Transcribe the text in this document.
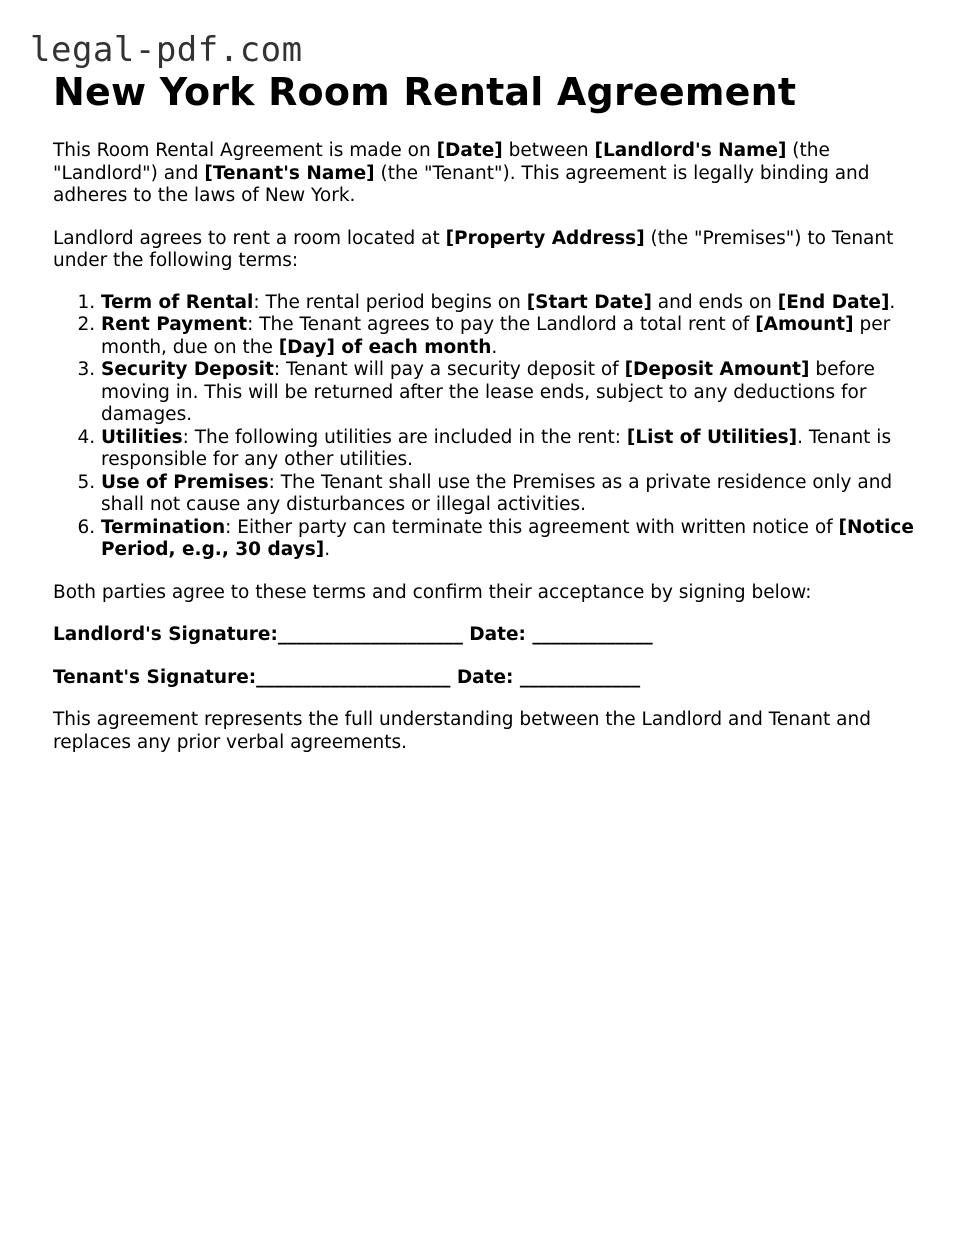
legal-pdf.com
New York Room Rental Agreement

This Room Rental Agreement is made on [Date] between [Landlord's Name] (the "Landlord") and [Tenant's Name] (the "Tenant"). This agreement is legally binding and adheres to the laws of New York.

Landlord agrees to rent a room located at [Property Address] (the "Premises") to Tenant under the following terms:

1. Term of Rental: The rental period begins on [Start Date] and ends on [End Date].
2. Rent Payment: The Tenant agrees to pay the Landlord a total rent of [Amount] per month, due on the [Day] of each month.
3. Security Deposit: Tenant will pay a security deposit of [Deposit Amount] before moving in. This will be returned after the lease ends, subject to any deductions for damages.
4. Utilities: The following utilities are included in the rent: [List of Utilities]. Tenant is responsible for any other utilities.
5. Use of Premises: The Tenant shall use the Premises as a private residence only and shall not cause any disturbances or illegal activities.
6. Termination: Either party can terminate this agreement with written notice of [Notice Period, e.g., 30 days].

Both parties agree to these terms and confirm their acceptance by signing below:

Landlord's Signature:____________________ Date: _____________

Tenant's Signature:_____________________ Date: _____________

This agreement represents the full understanding between the Landlord and Tenant and replaces any prior verbal agreements.
